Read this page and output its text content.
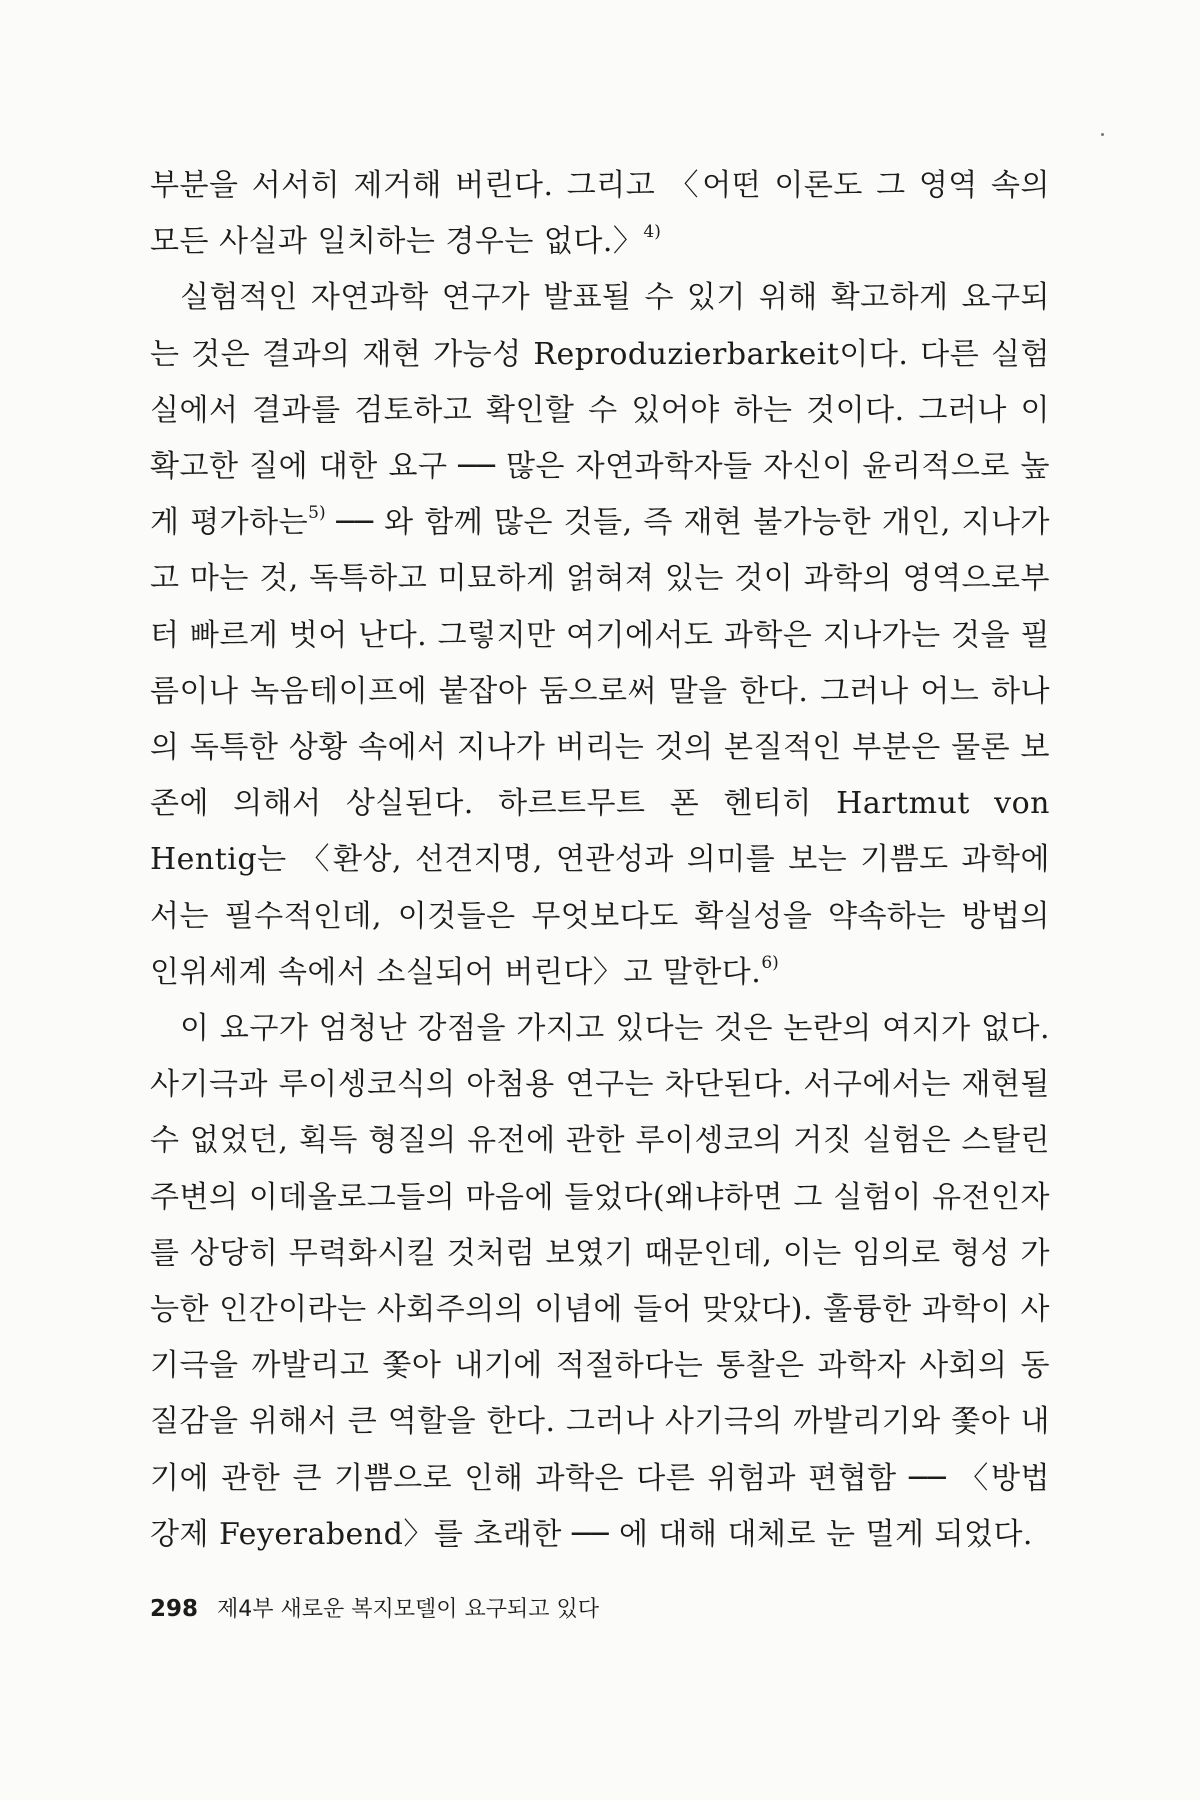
부분을 서서히 제거해 버린다. 그리고 〈어떤 이론도 그 영역 속의 모든 사실과 일치하는 경우는 없다.〉$^{4)}$

실험적인 자연과학 연구가 발표될 수 있기 위해 확고하게 요구되는 것은 결과의 재현 가능성 Reproduzierbarkeit이다. 다른 실험실에서 결과를 검토하고 확인할 수 있어야 하는 것이다. 그러나 이 확고한 질에 대한 요구 ── 많은 자연과학자들 자신이 윤리적으로 높게 평가하는$^{5)}$ ── 와 함께 많은 것들, 즉 재현 불가능한 개인, 지나가고 마는 것, 독특하고 미묘하게 얽혀져 있는 것이 과학의 영역으로부터 빠르게 벗어 난다. 그렇지만 여기에서도 과학은 지나가는 것을 필름이나 녹음테이프에 붙잡아 둠으로써 말을 한다. 그러나 어느 하나의 독특한 상황 속에서 지나가 버리는 것의 본질적인 부분은 물론 보존에 의해서 상실된다. 하르트무트 폰 헨티히 Hartmut von Hentig는 〈환상, 선견지명, 연관성과 의미를 보는 기쁨도 과학에서는 필수적인데, 이것들은 무엇보다도 확실성을 약속하는 방법의 인위세계 속에서 소실되어 버린다〉고 말한다.$^{6)}$

이 요구가 엄청난 강점을 가지고 있다는 것은 논란의 여지가 없다. 사기극과 루이셍코식의 아첨용 연구는 차단된다. 서구에서는 재현될 수 없었던, 획득 형질의 유전에 관한 루이셍코의 거짓 실험은 스탈린 주변의 이데올로그들의 마음에 들었다(왜냐하면 그 실험이 유전인자를 상당히 무력화시킬 것처럼 보였기 때문인데, 이는 임의로 형성 가능한 인간이라는 사회주의의 이념에 들어 맞았다). 훌륭한 과학이 사기극을 까발리고 쫓아 내기에 적절하다는 통찰은 과학자 사회의 동질감을 위해서 큰 역할을 한다. 그러나 사기극의 까발리기와 쫓아 내기에 관한 큰 기쁨으로 인해 과학은 다른 위험과 편협함 ── 〈방법강제 Feyerabend〉를 초래한 ── 에 대해 대체로 눈 멀게 되었다.

298 제4부 새로운 복지모델이 요구되고 있다
